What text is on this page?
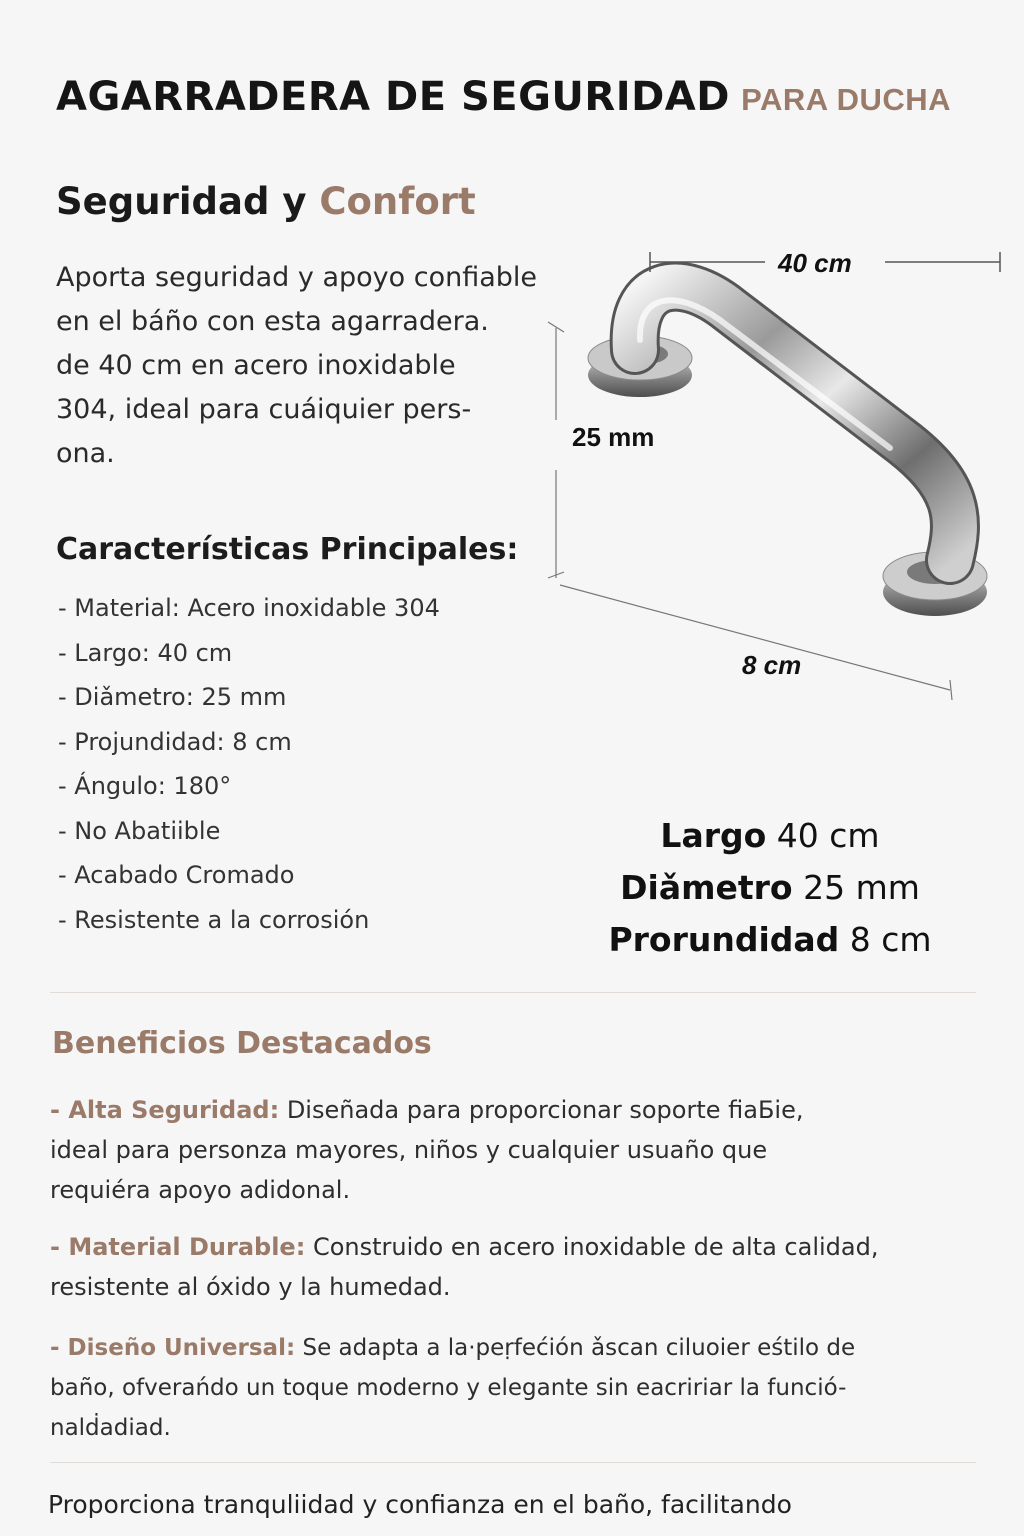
AGARRADERA DE SEGURIDAD PARA DUCHA
Seguridad y Confort
Aporta seguridad y apoyo confiable
en el báño con esta agarradera.
de 40 cm en acero inoxidable
304, ideal para cuáiquier pers-
ona.
Características Principales:
- Material: Acero inoxidable 304
- Largo: 40 cm
- Diǎmetro: 25 mm
- Projundidad: 8 cm
- Ángulo: 180°
- No Abatiible
- Acabado Cromado
- Resistente a la corrosión
40 cm
25 mm
8 cm
Largo 40 cm
Diǎmetro 25 mm
Prorundidad 8 cm
Beneficios Destacados
- Alta Seguridad: Diseñada para proporcionar soporte fiaБie,
ideal para personᴢa mayores, niños y cualquier usuaño que
requiéra apoyo adidonal.
- Material Durable: Construido en acero inoxidable de alta calidad,
resistente al óxido y la humedad.
- Diseño Universal: Se adapta a la·peṛfećión ǎscan ciluoier eśtilo de
baño, ofverańdo un toque moderno y elegante sin eacririar la funció-
nalḋadiad.
Proporciona tranquliidad y confianza en el baño, facilitando
